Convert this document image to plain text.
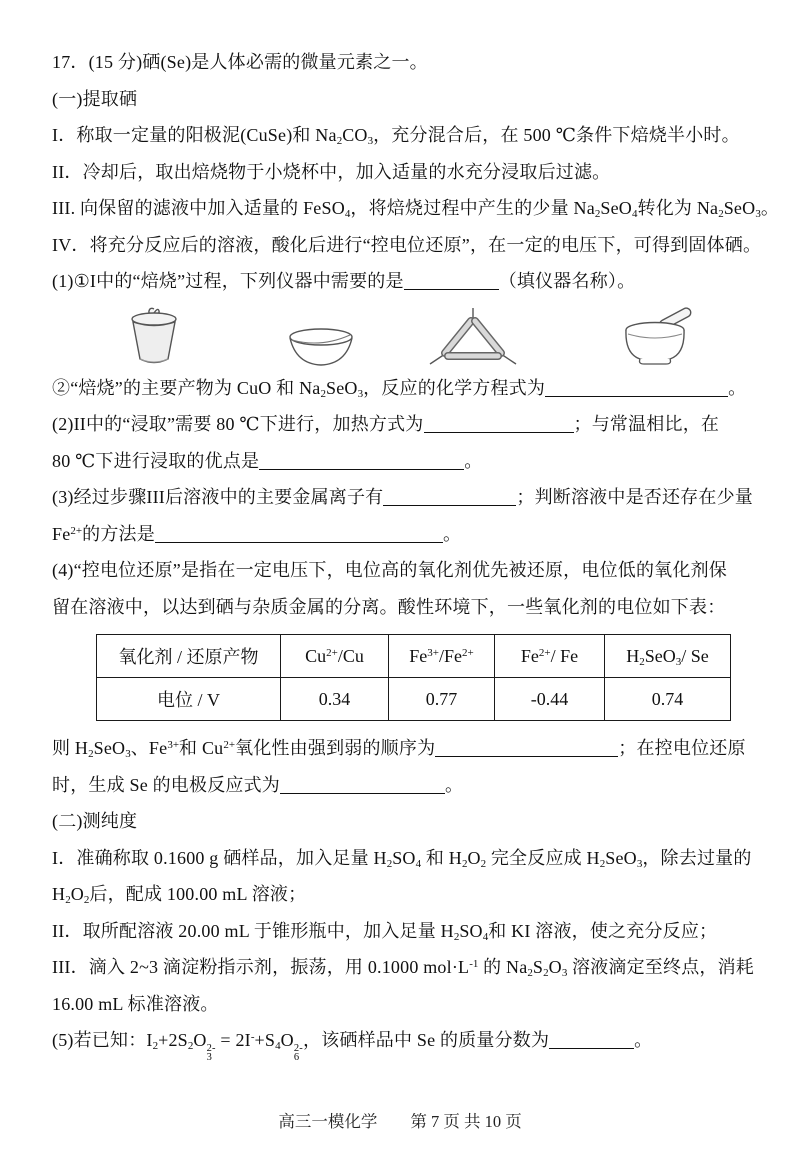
17．(15 分)硒(Se)是人体必需的微量元素之一。
(一)提取硒
I．称取一定量的阳极泥(CuSe)和 $Na_2CO_3$，充分混合后，在 500 ℃条件下焙烧半小时。
II．冷却后，取出焙烧物于小烧杯中，加入适量的水充分浸取后过滤。
III. 向保留的滤液中加入适量的 FeSO$_4$，将焙烧过程中产生的少量 $Na_2SeO_4$转化为 $Na_2SeO_3$。
IV．将充分反应后的溶液，酸化后进行“控电位还原”，在一定的电压下，可得到固体硒。
(1)①I中的“焙烧”过程，下列仪器中需要的是	（填仪器名称）。
②“焙烧”的主要产物为 CuO 和 $Na_2SeO_3$，反应的化学方程式为	。
(2)II中的“浸取”需要 80 ℃下进行，加热方式为	；与常温相比，在
80 ℃下进行浸取的优点是	。
(3)经过步骤III后溶液中的主要金属离子有	；判断溶液中是否还存在少量
$Fe^{2+}$的方法是	。
(4)“控电位还原”是指在一定电压下，电位高的氧化剂优先被还原，电位低的氧化剂保
留在溶液中，以达到硒与杂质金属的分离。酸性环境下，一些氧化剂的电位如下表：
氧化剂 / 还原产物	$Cu^{2+}/Cu$	$Fe^{3+}/Fe^{2+}$	$Fe^{2+}/$ Fe	$H_2SeO_3/$ Se
电位 / V	0.34	0.77	-0.44	0.74
则 $H_2SeO_3$、$Fe^{3+}$和 $Cu^{2+}$氧化性由强到弱的顺序为	；在控电位还原
时，生成 Se 的电极反应式为	。
(二)测纯度
I．准确称取 0.1600 g 硒样品，加入足量 $H_2SO_4$ 和 $H_2O_2$ 完全反应成 $H_2SeO_3$，除去过量的
$H_2O_2$后，配成 100.00 mL 溶液；
II．取所配溶液 20.00 mL 于锥形瓶中，加入足量 $H_2SO_4$和 KI 溶液，使之充分反应；
III．滴入 2~3 滴淀粉指示剂，振荡，用 0.1000 $mol\cdot L^{-1}$ 的 $Na_2S_2O_3$ 溶液滴定至终点，消耗
16.00 mL 标准溶液。
(5)若已知：$I_2+2S_2O$ 2-
3
= $2I^-+S_4O$ 2-
6
，该硒样品中 Se 的质量分数为	。
高三一模化学　　第 7 页 共 10 页
